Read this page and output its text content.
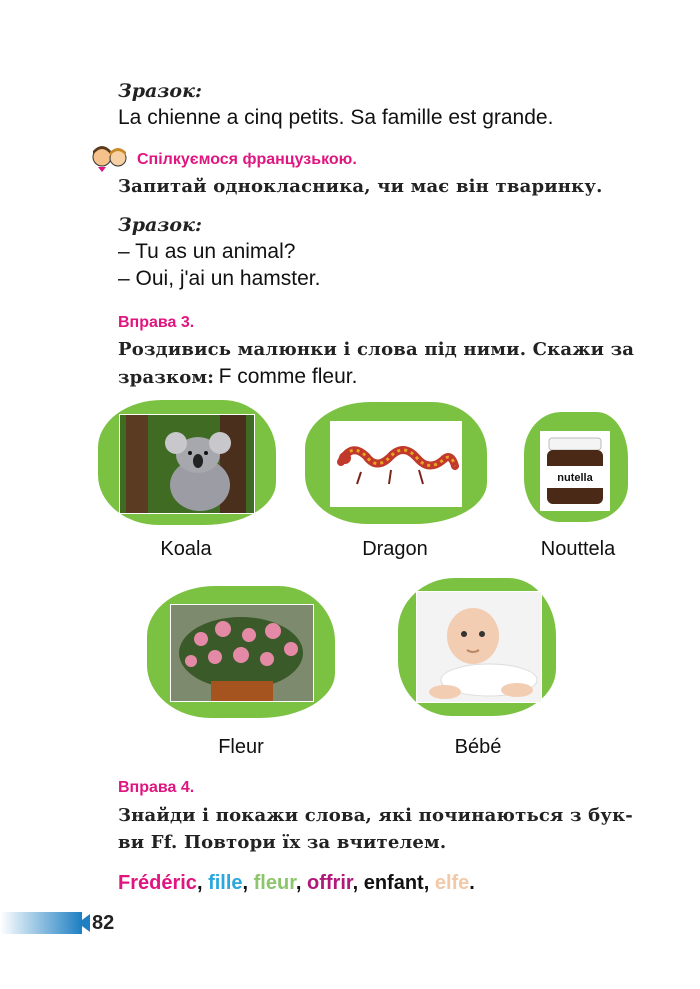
Зразок:
La chienne a cinq petits. Sa famille est grande.
Спілкуємося французькою.
Запитай однокласника, чи має він тваринку.
Зразок:
– Tu as un animal?
– Oui, j'ai un hamster.
Вправа 3.
Роздивись малюнки і слова під ними. Скажи за
зразком: F comme fleur.
Koala	Dragon
nutella
Nouttela
Fleur	Bébé
Вправа 4.
Знайди і покажи слова, які починаються з бук-
ви Ff. Повтори їх за вчителем.
Frédéric, fille, fleur, offrir, enfant, elfe.
82
